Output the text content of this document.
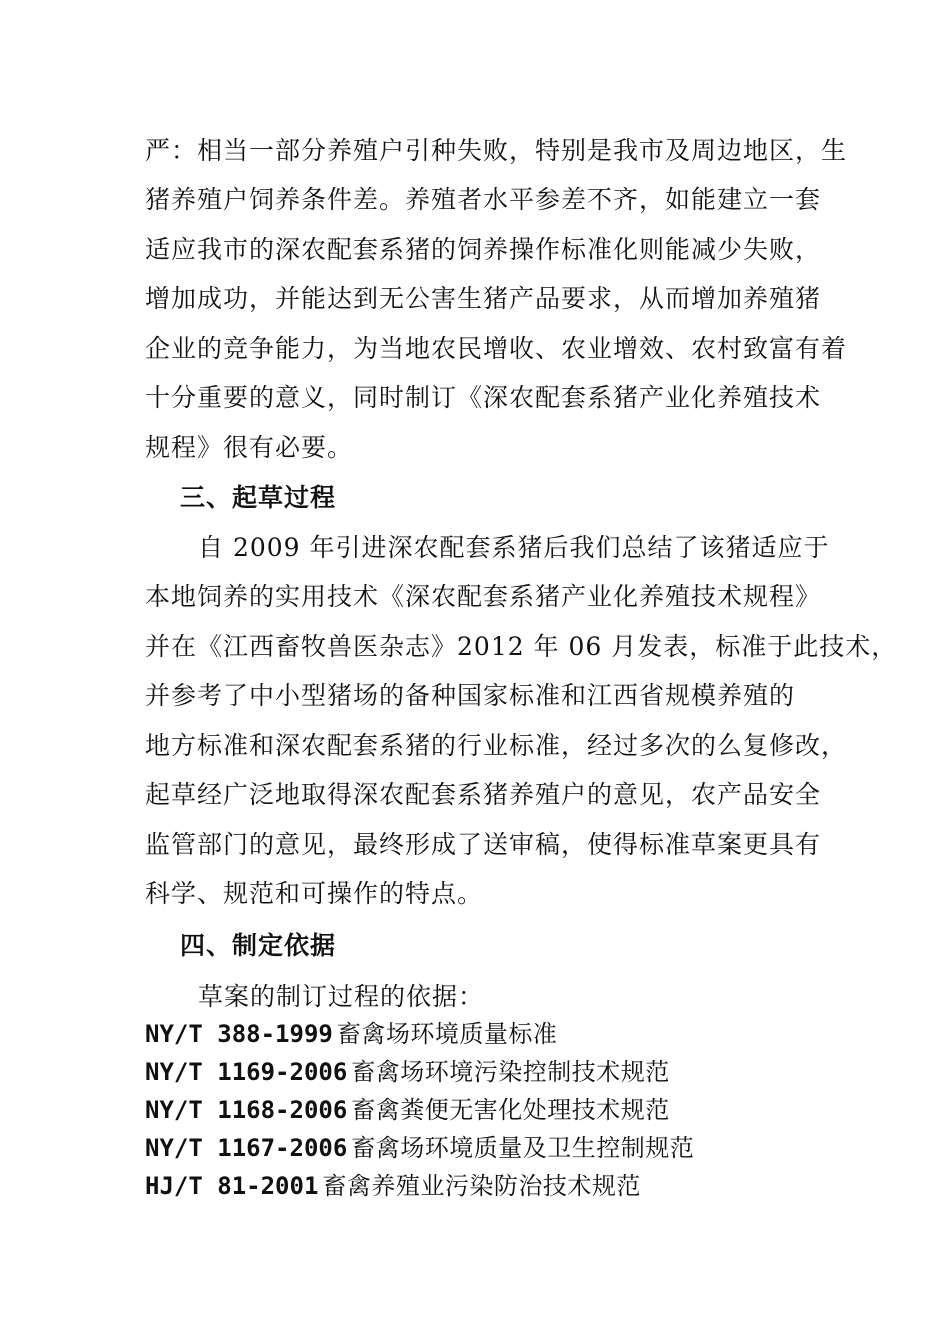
严：相当一部分养殖户引种失败，特别是我市及周边地区，生
猪养殖户饲养条件差。养殖者水平参差不齐，如能建立一套
适应我市的深农配套系猪的饲养操作标准化则能减少失败，
增加成功，并能达到无公害生猪产品要求，从而增加养殖猪
企业的竞争能力，为当地农民增收、农业增效、农村致富有着
十分重要的意义，同时制订《深农配套系猪产业化养殖技术
规程》很有必要。
三、起草过程
自 2009 年引进深农配套系猪后我们总结了该猪适应于
本地饲养的实用技术《深农配套系猪产业化养殖技术规程》
并在《江西畜牧兽医杂志》2012 年 06 月发表，标准于此技术，
并参考了中小型猪场的备种国家标准和江西省规模养殖的
地方标准和深农配套系猪的行业标准，经过多次的么复修改，
起草经广泛地取得深农配套系猪养殖户的意见，农产品安全
监管部门的意见，最终形成了送审稿，使得标准草案更具有
科学、规范和可操作的特点。
四、制定依据
草案的制订过程的依据：
NY/T 388-1999 畜禽场环境质量标准
NY/T 1169-2006 畜禽场环境污染控制技术规范
NY/T 1168-2006 畜禽粪便无害化处理技术规范
NY/T 1167-2006 畜禽场环境质量及卫生控制规范
HJ/T 81-2001 畜禽养殖业污染防治技术规范
